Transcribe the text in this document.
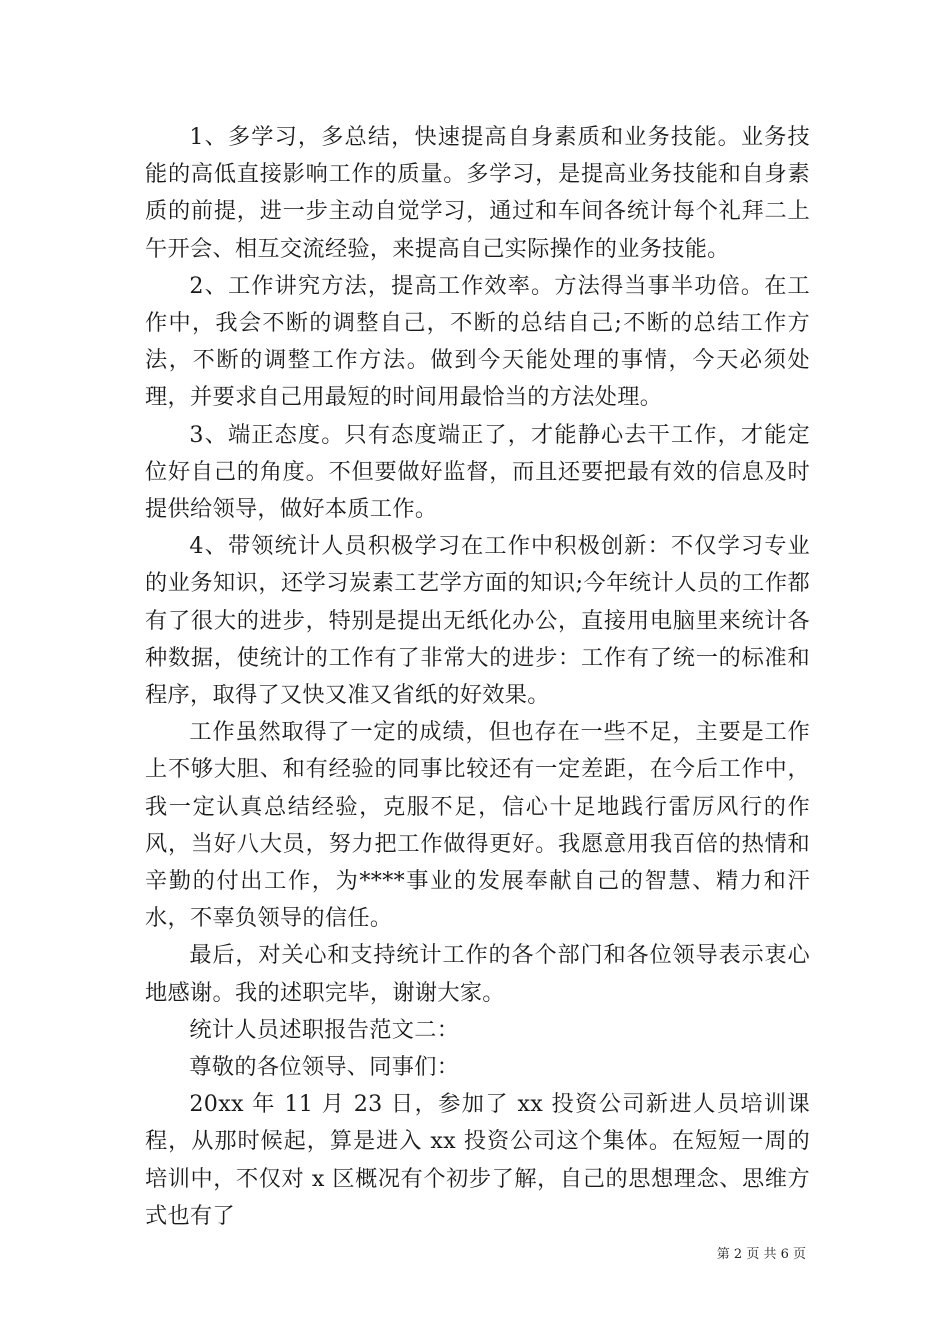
1、多学习，多总结，快速提高自身素质和业务技能。业务技能的高低直接影响工作的质量。多学习，是提高业务技能和自身素质的前提，进一步主动自觉学习，通过和车间各统计每个礼拜二上午开会、相互交流经验，来提高自己实际操作的业务技能。

2、工作讲究方法，提高工作效率。方法得当事半功倍。在工作中，我会不断的调整自己，不断的总结自己;不断的总结工作方法，不断的调整工作方法。做到今天能处理的事情，今天必须处理，并要求自己用最短的时间用最恰当的方法处理。

3、端正态度。只有态度端正了，才能静心去干工作，才能定位好自己的角度。不但要做好监督，而且还要把最有效的信息及时提供给领导，做好本质工作。

4、带领统计人员积极学习在工作中积极创新：不仅学习专业的业务知识，还学习炭素工艺学方面的知识;今年统计人员的工作都有了很大的进步，特别是提出无纸化办公，直接用电脑里来统计各种数据，使统计的工作有了非常大的进步：工作有了统一的标准和程序，取得了又快又准又省纸的好效果。

工作虽然取得了一定的成绩，但也存在一些不足，主要是工作上不够大胆、和有经验的同事比较还有一定差距，在今后工作中，我一定认真总结经验，克服不足，信心十足地践行雷厉风行的作风，当好八大员，努力把工作做得更好。我愿意用我百倍的热情和辛勤的付出工作，为****事业的发展奉献自己的智慧、精力和汗水，不辜负领导的信任。

最后，对关心和支持统计工作的各个部门和各位领导表示衷心地感谢。我的述职完毕，谢谢大家。

统计人员述职报告范文二：

尊敬的各位领导、同事们：

20xx 年 11 月 23 日，参加了 xx 投资公司新进人员培训课程，从那时候起，算是进入 xx 投资公司这个集体。在短短一周的培训中，不仅对 x 区概况有个初步了解，自己的思想理念、思维方式也有了

第 2 页 共 6 页
